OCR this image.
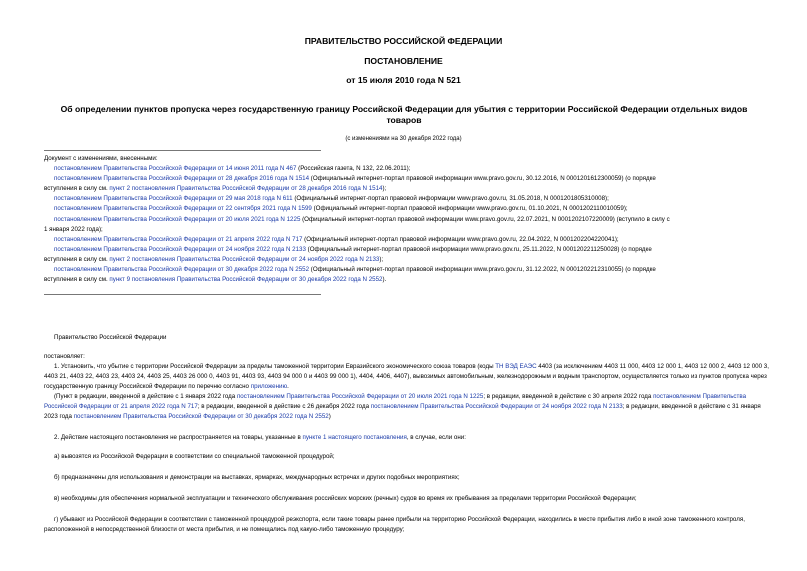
ПРАВИТЕЛЬСТВО РОССИЙСКОЙ ФЕДЕРАЦИИ
ПОСТАНОВЛЕНИЕ
от 15 июля 2010 года N 521
Об определении пунктов пропуска через государственную границу Российской Федерации для убытия с территории Российской Федерации отдельных видов товаров
(с изменениями на 30 декабря 2022 года)
Документ с изменениями, внесенными:
постановлением Правительства Российской Федерации от 14 июня 2011 года N 467 (Российская газета, N 132, 22.06.2011);
постановлением Правительства Российской Федерации от 28 декабря 2016 года N 1514 (Официальный интернет-портал правовой информации www.pravo.gov.ru, 30.12.2016, N 0001201612300059) (о порядке
вступления в силу см. пункт 2 постановления Правительства Российской Федерации от 28 декабря 2016 года N 1514);
постановлением Правительства Российской Федерации от 29 мая 2018 года N 611 (Официальный интернет-портал правовой информации www.pravo.gov.ru, 31.05.2018, N 0001201805310008);
постановлением Правительства Российской Федерации от 22 сентября 2021 года N 1599 (Официальный интернет-портал правовой информации www.pravo.gov.ru, 01.10.2021, N 0001202110010059);
постановлением Правительства Российской Федерации от 20 июля 2021 года N 1225 (Официальный интернет-портал правовой информации www.pravo.gov.ru, 22.07.2021, N 0001202107220009) (вступило в силу с
1 января 2022 года);
постановлением Правительства Российской Федерации от 21 апреля 2022 года N 717 (Официальный интернет-портал правовой информации www.pravo.gov.ru, 22.04.2022, N 0001202204220041);
постановлением Правительства Российской Федерации от 24 ноября 2022 года N 2133 (Официальный интернет-портал правовой информации www.pravo.gov.ru, 25.11.2022, N 0001202211250028) (о порядке
вступления в силу см. пункт 2 постановления Правительства Российской Федерации от 24 ноября 2022 года N 2133);
постановлением Правительства Российской Федерации от 30 декабря 2022 года N 2552 (Официальный интернет-портал правовой информации www.pravo.gov.ru, 31.12.2022, N 0001202212310055) (о порядке
вступления в силу см. пункт 9 постановления Правительства Российской Федерации от 30 декабря 2022 года N 2552).
Правительство Российской Федерации
постановляет:
1. Установить, что убытие с территории Российской Федерации за пределы таможенной территории Евразийского экономического союза товаров (коды ТН ВЭД ЕАЭС 4403 (за исключением 4403 11 000, 4403 12 000 1, 4403 12 000 2, 4403 12 000 3, 4403 21, 4403 22, 4403 23, 4403 24, 4403 25, 4403 26 000 0, 4403 91, 4403 93, 4403 94 000 0 и 4403 99 000 1), 4404, 4406, 4407), вывозимых автомобильным, железнодорожным и водным транспортом, осуществляется только из пунктов пропуска через государственную границу Российской Федерации по перечню согласно приложению.
(Пункт в редакции, введенной в действие с 1 января 2022 года постановлением Правительства Российской Федерации от 20 июля 2021 года N 1225; в редакции, введенной в действие с 30 апреля 2022 года постановлением Правительства Российской Федерации от 21 апреля 2022 года N 717; в редакции, введенной в действие с 26 декабря 2022 года постановлением Правительства Российской Федерации от 24 ноября 2022 года N 2133; в редакции, введенной в действие с 31 января 2023 года постановлением Правительства Российской Федерации от 30 декабря 2022 года N 2552)
2. Действие настоящего постановления не распространяется на товары, указанные в пункте 1 настоящего постановления, в случае, если они:
а) вывозятся из Российской Федерации в соответствии со специальной таможенной процедурой;
б) предназначены для использования и демонстрации на выставках, ярмарках, международных встречах и других подобных мероприятиях;
в) необходимы для обеспечения нормальной эксплуатации и технического обслуживания российских морских (речных) судов во время их пребывания за пределами территории Российской Федерации;
г) убывают из Российской Федерации в соответствии с таможенной процедурой реэкспорта, если такие товары ранее прибыли на территорию Российской Федерации, находились в месте прибытия либо в иной зоне таможенного контроля, расположенной в непосредственной близости от места прибытия, и не помещались под какую-либо таможенную процедуру;
